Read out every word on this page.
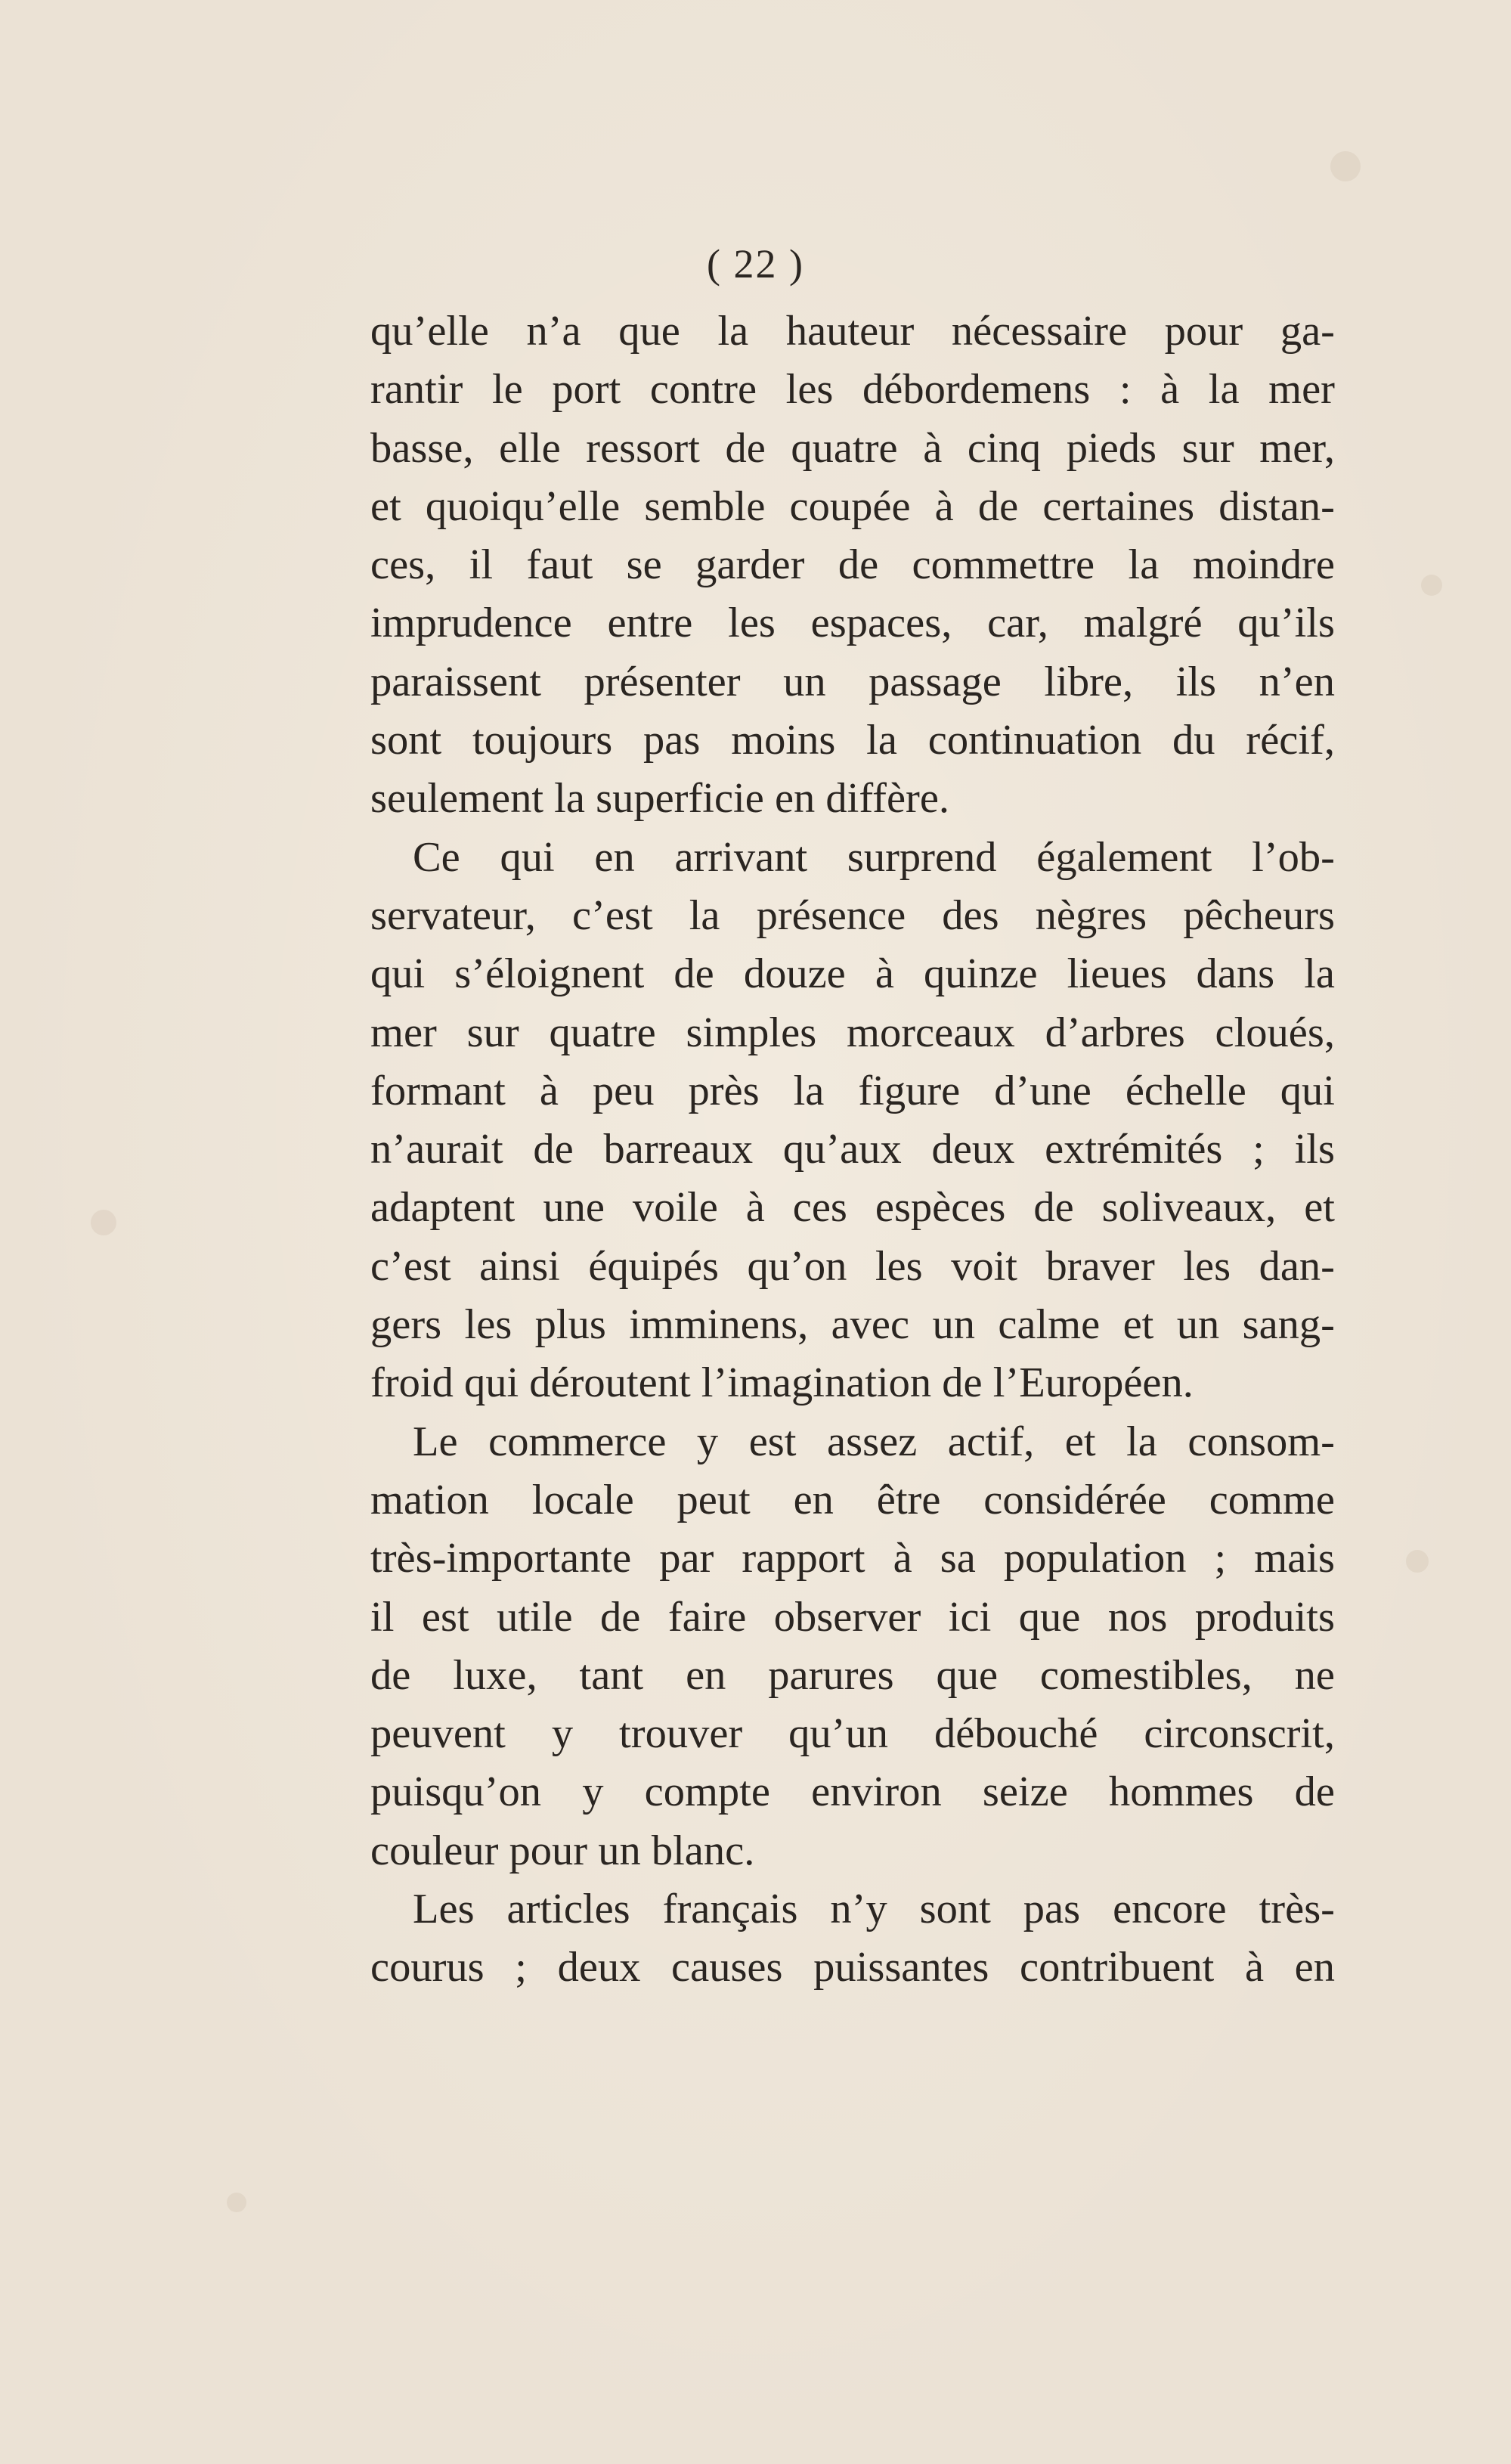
( 22 )
qu’elle n’a que la hauteur nécessaire pour ga-
rantir le port contre les débordemens : à la mer
basse, elle ressort de quatre à cinq pieds sur mer,
et quoiqu’elle semble coupée à de certaines distan-
ces, il faut se garder de commettre la moindre
imprudence entre les espaces, car, malgré qu’ils
paraissent présenter un passage libre, ils n’en
sont toujours pas moins la continuation du récif,
seulement la superficie en diffère.
Ce qui en arrivant surprend également l’ob-
servateur, c’est la présence des nègres pêcheurs
qui s’éloignent de douze à quinze lieues dans la
mer sur quatre simples morceaux d’arbres cloués,
formant à peu près la figure d’une échelle qui
n’aurait de barreaux qu’aux deux extrémités ; ils
adaptent une voile à ces espèces de soliveaux, et
c’est ainsi équipés qu’on les voit braver les dan-
gers les plus imminens, avec un calme et un sang-
froid qui déroutent l’imagination de l’Européen.
Le commerce y est assez actif, et la consom-
mation locale peut en être considérée comme
très-importante par rapport à sa population ; mais
il est utile de faire observer ici que nos produits
de luxe, tant en parures que comestibles, ne
peuvent y trouver qu’un débouché circonscrit,
puisqu’on y compte environ seize hommes de
couleur pour un blanc.
Les articles français n’y sont pas encore très-
courus ; deux causes puissantes contribuent à en
